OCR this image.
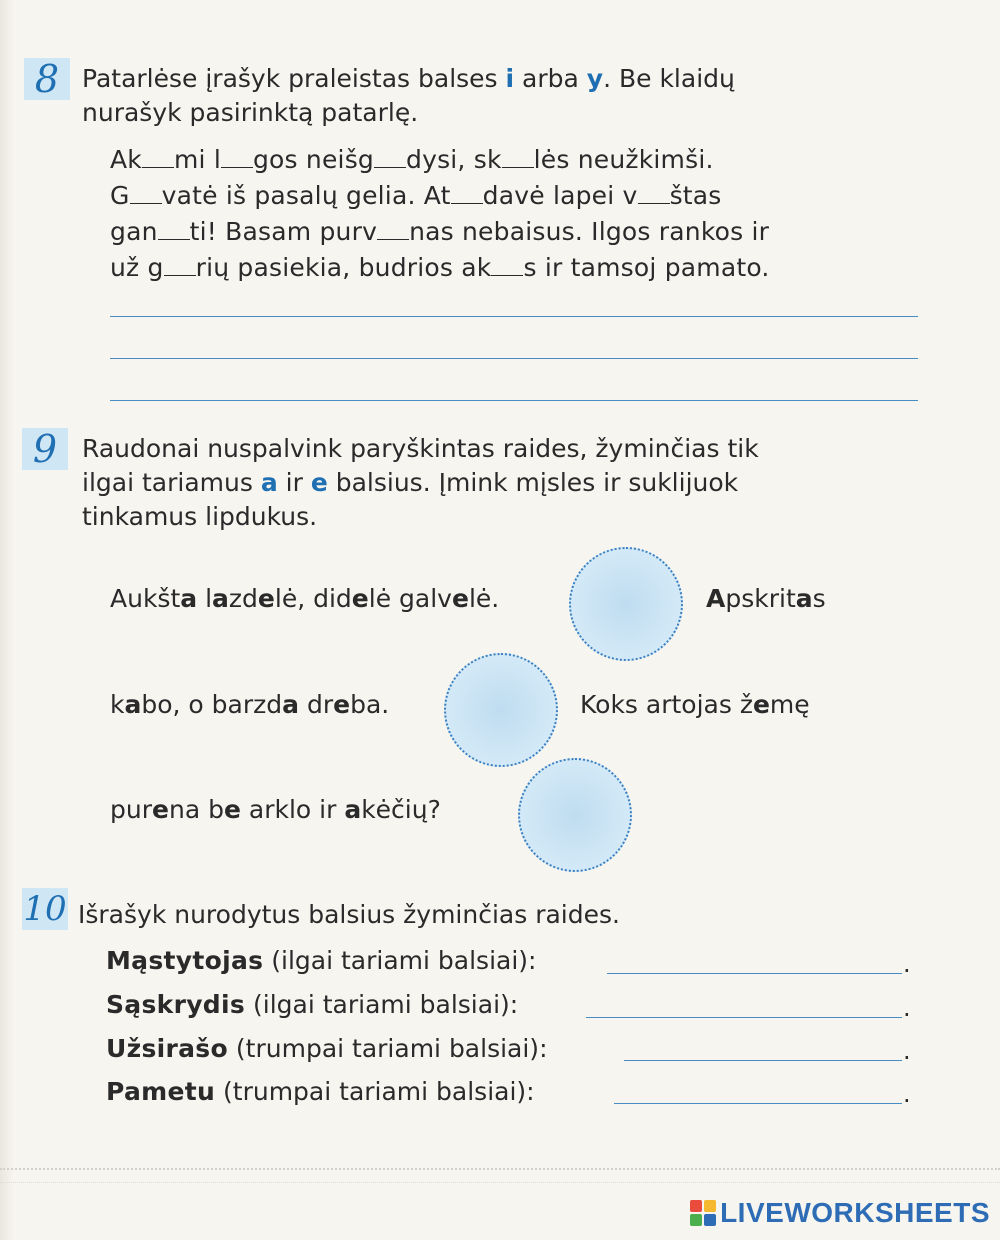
8 Patarlėse įrašyk praleistas balses i arba y. Be klaidų
nurašyk pasirinktą patarlę.
Ak mi l gos neišg dysi, sk lės neužkimši.
G vatė iš pasalų gelia. At davė lapei v štas
gan ti! Basam purv nas nebaisus. Ilgos rankos ir
už g rių pasiekia, budrios ak s ir tamsoj pamato.
9 Raudonai nuspalvink paryškintas raides, žyminčias tik
ilgai tariamus a ir e balsius. Įmink mįsles ir suklijuok
tinkamus lipdukus.
Aukšta lazdelė, didelė galvelė.	Apskritas
kabo, o barzda dreba.	Koks artojas žemę
purena be arklo ir akėčių?
10 Išrašyk nurodytus balsius žyminčias raides.
Mąstytojas (ilgai tariami balsiai):	.
Sąskrydis (ilgai tariami balsiai):	.
Užsirašo (trumpai tariami balsiai):	.
Pametu (trumpai tariami balsiai):	.
LIVEWORKSHEETS
